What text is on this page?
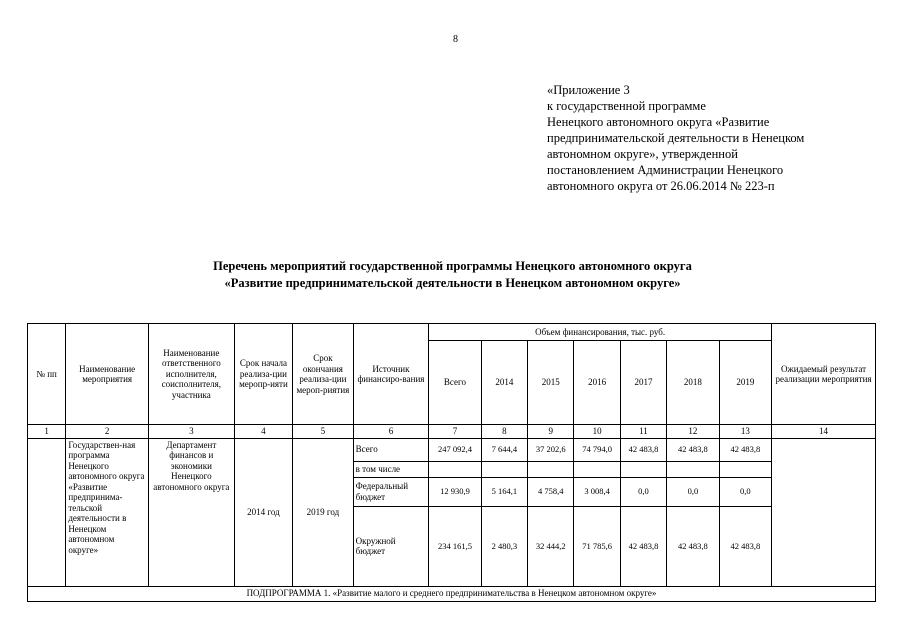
8
«Приложение 3
к государственной программе
Ненецкого автономного округа «Развитие
предпринимательской деятельности в Ненецком
автономном округе», утвержденной
постановлением Администрации Ненецкого
автономного округа от 26.06.2014 № 223-п
Перечень мероприятий государственной программы Ненецкого автономного округа
«Развитие предпринимательской деятельности в Ненецком автономном округе»
№ пп	Наименование мероприятия	Наименование ответственного исполнителя, соисполнителя, участника	Срок начала реализа-ции меропр-ияти	Срок окончания реализа-ции мероп-риятия	Источник финансиро-вания	Объем финансирования, тыс. руб.							Ожидаемый результат реализации мероприятия
						Всего	2014	2015	2016	2017	2018	2019	
1	2	3	4	5	6	7	8	9	10	11	12	13	14
	Государствен-ная программа Ненецкого автономного округа «Развитие предпринима-тельской деятельности в Ненецком автономном округе»	Департамент финансов и экономики Ненецкого автономного округа	2014 год	2019 год	Всего	247 092,4	7 644,4	37 202,6	74 794,0	42 483,8	42 483,8	42 483,8	
					в том числе								
					Федеральный бюджет	12 930,9	5 164,1	4 758,4	3 008,4	0,0	0,0	0,0	
					Окружной бюджет	234 161,5	2 480,3	32 444,2	71 785,6	42 483,8	42 483,8	42 483,8	
ПОДПРОГРАММА 1. «Развитие малого и среднего предпринимательства в Ненецком автономном округе»													
